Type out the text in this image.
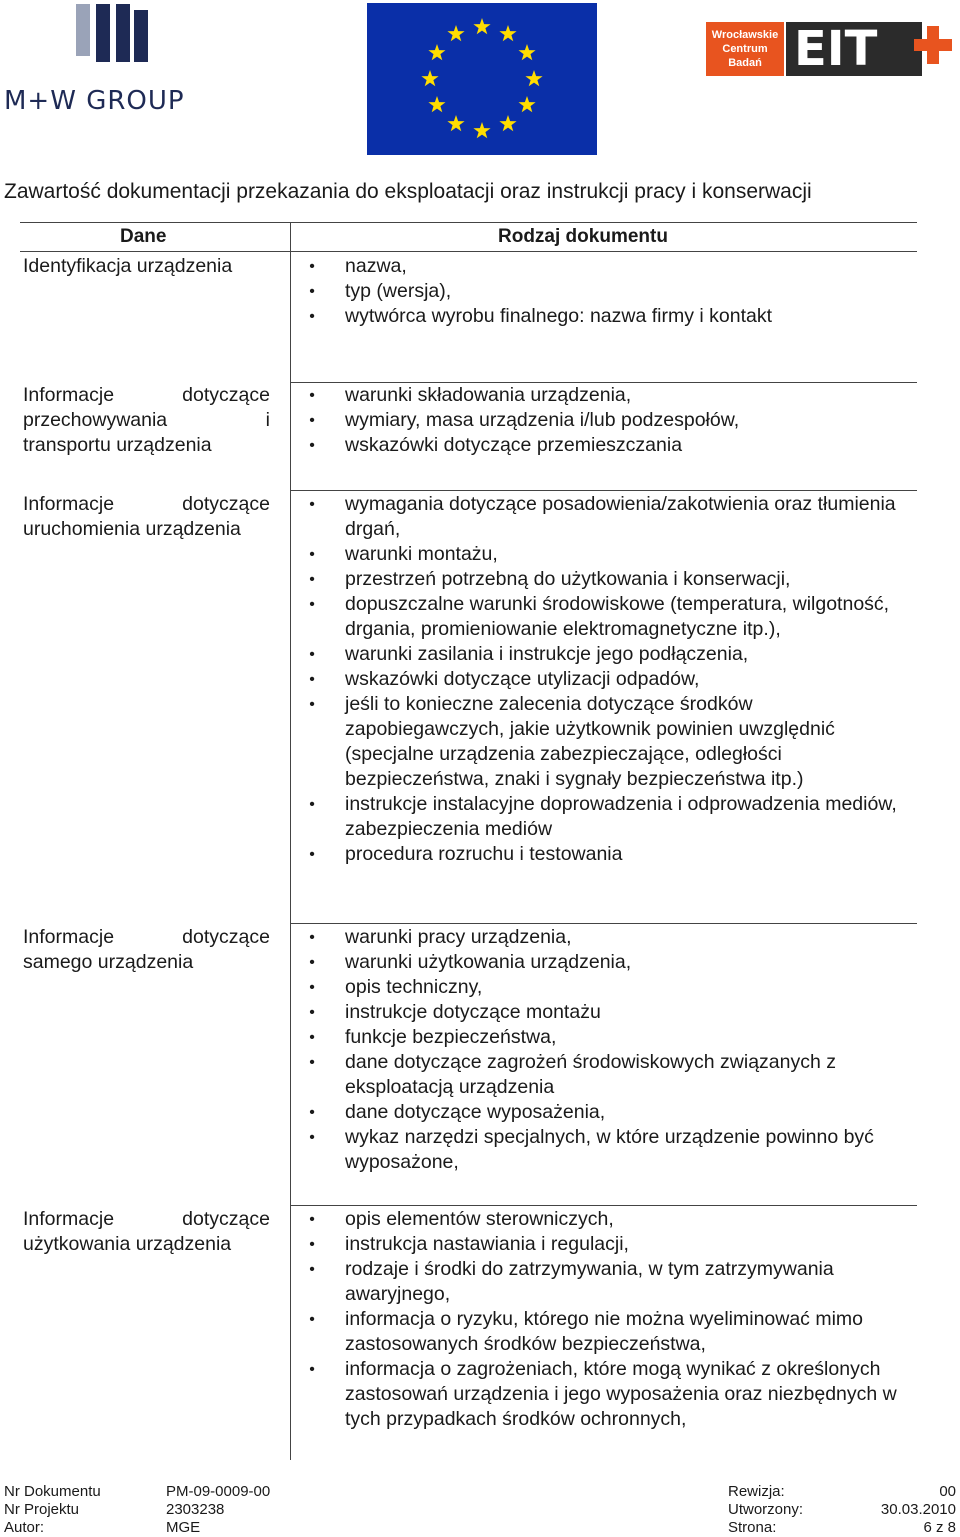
M+W GROUP
Wrocławskie
Centrum
Badań EIT
Zawartość dokumentacji przekazania do eksploatacji oraz instrukcji pracy i konserwacji
Dane	Rodzaj dokumentu
Identyfikacja urządzenia	• nazwa,
• typ (wersja),
• wytwórca wyrobu finalnego: nazwa firmy i kontakt
Informacje dotyczące
przechowywania i
transportu urządzenia
• warunki składowania urządzenia,
• wymiary, masa urządzenia i/lub podzespołów,
• wskazówki dotyczące przemieszczania
Informacje dotyczące
uruchomienia urządzenia
• wymagania dotyczące posadowienia/zakotwienia oraz tłumienia drgań,
• warunki montażu,
• przestrzeń potrzebną do użytkowania i konserwacji,
• dopuszczalne warunki środowiskowe (temperatura, wilgotność, drgania, promieniowanie elektromagnetyczne itp.),
• warunki zasilania i instrukcje jego podłączenia,
• wskazówki dotyczące utylizacji odpadów,
• jeśli to konieczne zalecenia dotyczące środków zapobiegawczych, jakie użytkownik powinien uwzględnić (specjalne urządzenia zabezpieczające, odległości bezpieczeństwa, znaki i sygnały bezpieczeństwa itp.)
• instrukcje instalacyjne doprowadzenia i odprowadzenia mediów, zabezpieczenia mediów
• procedura rozruchu i testowania
Informacje dotyczące
samego urządzenia
• warunki pracy urządzenia,
• warunki użytkowania urządzenia,
• opis techniczny,
• instrukcje dotyczące montażu
• funkcje bezpieczeństwa,
• dane dotyczące zagrożeń środowiskowych związanych z eksploatacją urządzenia
• dane dotyczące wyposażenia,
• wykaz narzędzi specjalnych, w które urządzenie powinno być wyposażone,
Informacje dotyczące
użytkowania urządzenia
• opis elementów sterowniczych,
• instrukcja nastawiania i regulacji,
• rodzaje i środki do zatrzymywania, w tym zatrzymywania awaryjnego,
• informacja o ryzyku, którego nie można wyeliminować mimo zastosowanych środków bezpieczeństwa,
• informacja o zagrożeniach, które mogą wynikać z określonych zastosowań urządzenia i jego wyposażenia oraz niezbędnych w tych przypadkach środków ochronnych,
Nr Dokumentu	PM-09-0009-00	Rewizja:	00
Nr Projektu	2303238	Utworzony:	30.03.2010
Autor:	MGE	Strona:	6 z 8
